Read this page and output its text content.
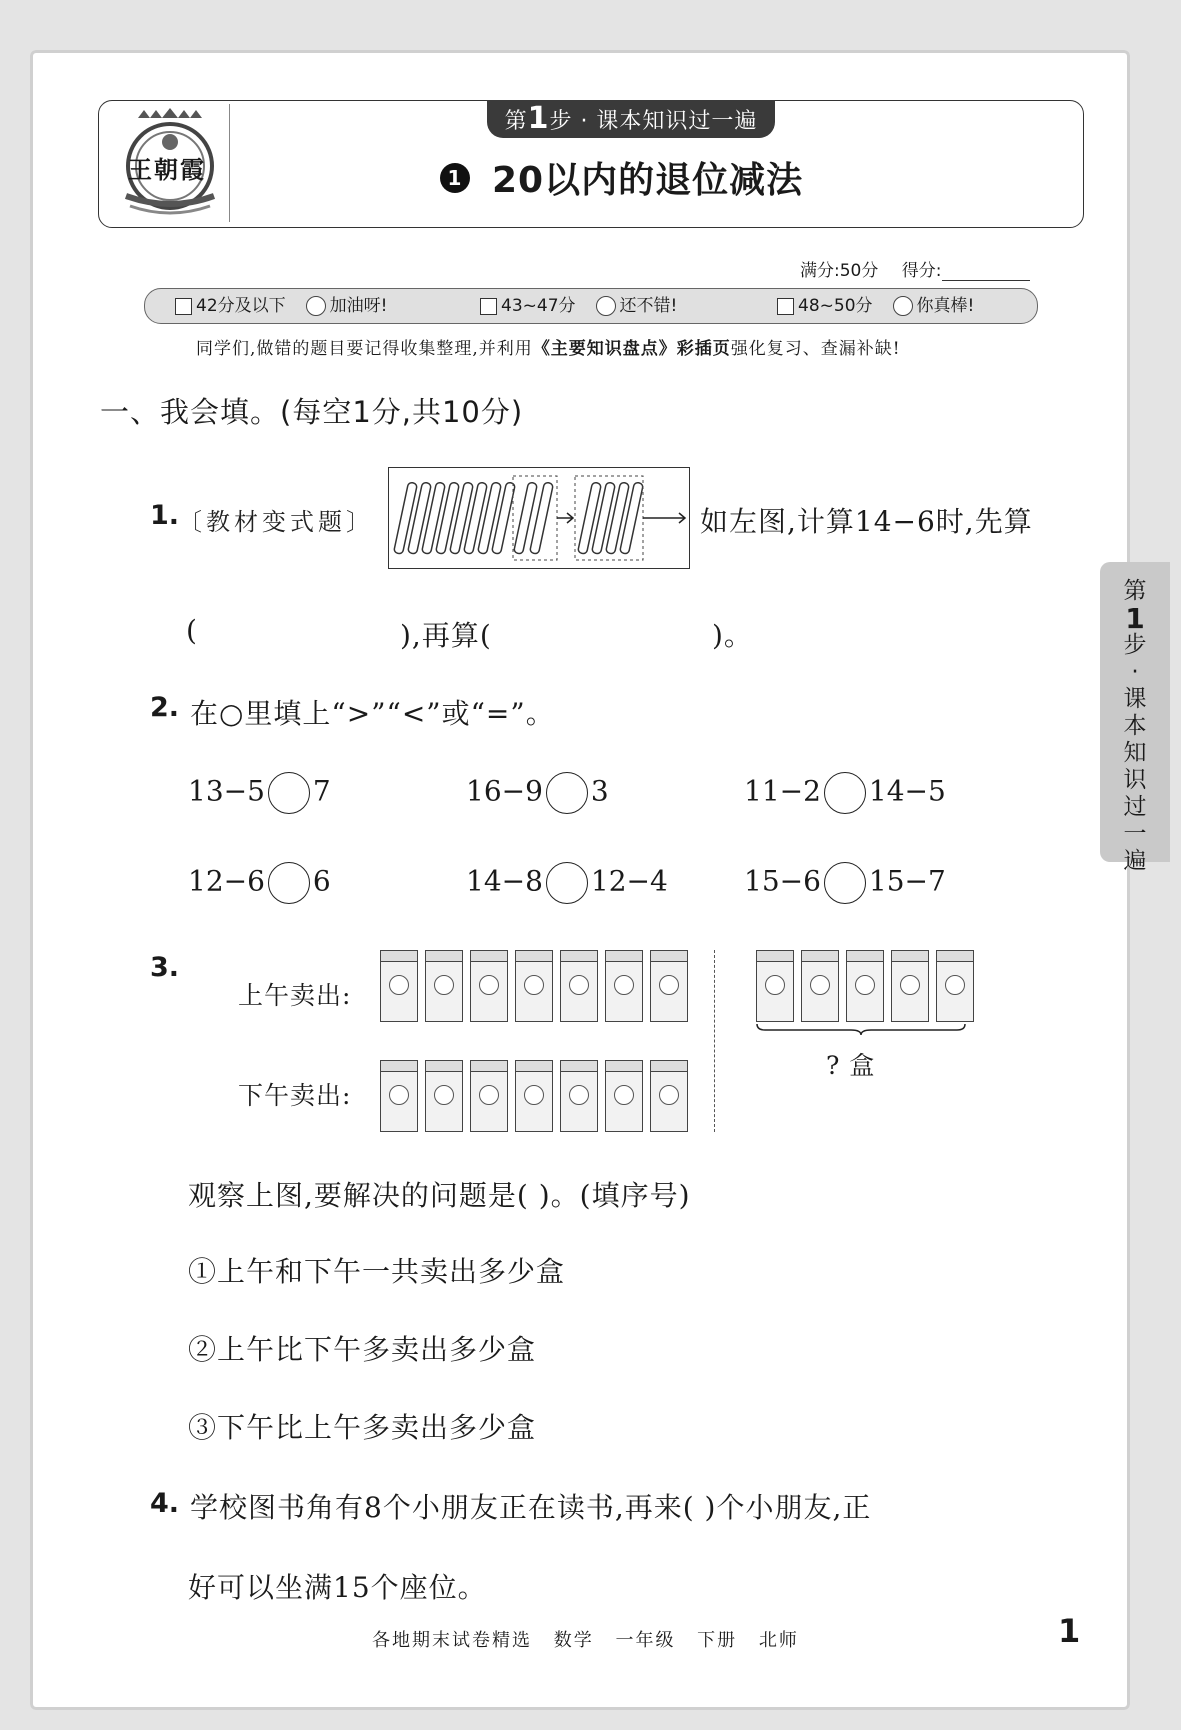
王朝霞
第1步 · 课本知识过一遍
1 20以内的退位减法
满分:50分 得分:
42分及以下	加油呀!	43~47分	还不错!	48~50分	你真棒!
同学们,做错的题目要记得收集整理,并利用《主要知识盘点》彩插页强化复习、查漏补缺!
一、我会填。(每空1分,共10分)
1.
〔教材变式题〕	如左图,计算14−6时,先算
(	),再算(	)。
2. 在○里填上“>”“<”或“=”。
13−5 7	16−9 3	11−2 14−5
12−6 6	14−8 12−4	15−6 15−7
3.
上午卖出:
下午卖出:
? 盒
观察上图,要解决的问题是( )。(填序号)
①上午和下午一共卖出多少盒
②上午比下午多卖出多少盒
③下午比上午多卖出多少盒
4. 学校图书角有8个小朋友正在读书,再来( )个小朋友,正
好可以坐满15个座位。
第
1
步
·
课
本
知
识
过
一
遍
各地期末试卷精选 数学 一年级 下册 北师	1
